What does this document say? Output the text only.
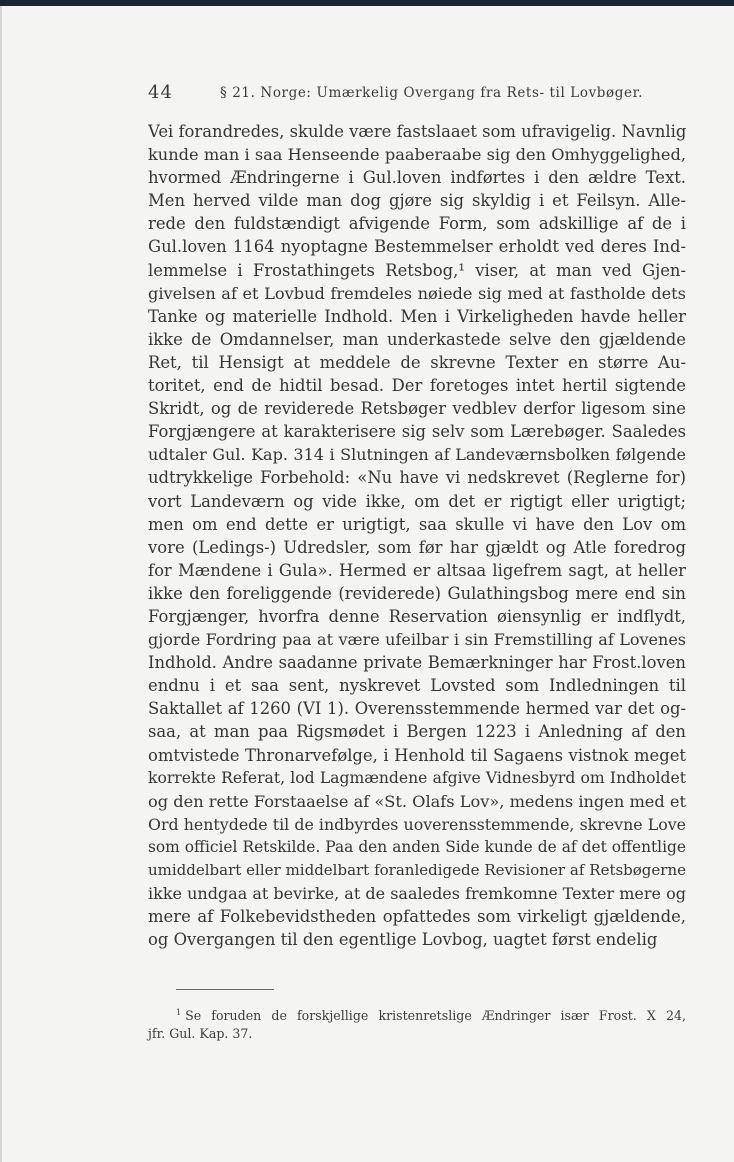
44	§ 21. Norge: Umærkelig Overgang fra Rets- til Lovbøger.
Vei forandredes, skulde være fastslaaet som ufravigelig. Navnlig
kunde man i saa Henseende paaberaabe sig den Omhyggelighed,
hvormed Ændringerne i Gul.loven indførtes i den ældre Text.
Men herved vilde man dog gjøre sig skyldig i et Feilsyn. Alle-
rede den fuldstændigt afvigende Form, som adskillige af de i
Gul.loven 1164 nyoptagne Bestemmelser erholdt ved deres Ind-
lemmelse i Frostathingets Retsbog,¹ viser, at man ved Gjen-
givelsen af et Lovbud fremdeles nøiede sig med at fastholde dets
Tanke og materielle Indhold. Men i Virkeligheden havde heller
ikke de Omdannelser, man underkastede selve den gjældende
Ret, til Hensigt at meddele de skrevne Texter en større Au-
toritet, end de hidtil besad. Der foretoges intet hertil sigtende
Skridt, og de reviderede Retsbøger vedblev derfor ligesom sine
Forgjængere at karakterisere sig selv som Lærebøger. Saaledes
udtaler Gul. Kap. 314 i Slutningen af Landeværnsbolken følgende
udtrykkelige Forbehold: «Nu have vi nedskrevet (Reglerne for)
vort Landeværn og vide ikke, om det er rigtigt eller urigtigt;
men om end dette er urigtigt, saa skulle vi have den Lov om
vore (Ledings-) Udredsler, som før har gjældt og Atle foredrog
for Mændene i Gula». Hermed er altsaa ligefrem sagt, at heller
ikke den foreliggende (reviderede) Gulathingsbog mere end sin
Forgjænger, hvorfra denne Reservation øiensynlig er indflydt,
gjorde Fordring paa at være ufeilbar i sin Fremstilling af Lovenes
Indhold. Andre saadanne private Bemærkninger har Frost.loven
endnu i et saa sent, nyskrevet Lovsted som Indledningen til
Saktallet af 1260 (VI 1). Overensstemmende hermed var det og-
saa, at man paa Rigsmødet i Bergen 1223 i Anledning af den
omtvistede Thronarvefølge, i Henhold til Sagaens vistnok meget
korrekte Referat, lod Lagmændene afgive Vidnesbyrd om Indholdet
og den rette Forstaaelse af «St. Olafs Lov», medens ingen med et
Ord hentydede til de indbyrdes uoverensstemmende, skrevne Love
som officiel Retskilde. Paa den anden Side kunde de af det offentlige
umiddelbart eller middelbart foranledigede Revisioner af Retsbøgerne
ikke undgaa at bevirke, at de saaledes fremkomne Texter mere og
mere af Folkebevidstheden opfattedes som virkeligt gjældende,
og Overgangen til den egentlige Lovbog, uagtet først endelig
$^1$ Se foruden de forskjellige kristenretslige Ændringer især Frost. X 24,
jfr. Gul. Kap. 37.
